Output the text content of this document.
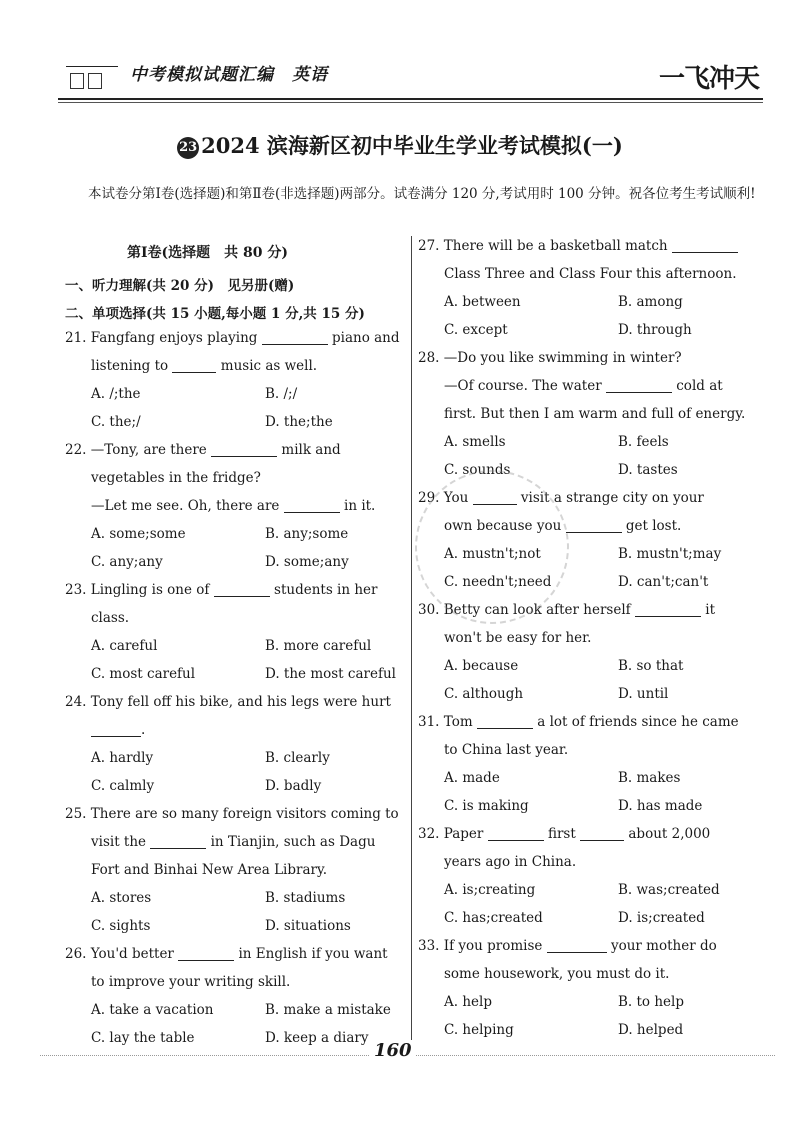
中考模拟试题汇编　英语	一飞冲天
23 2024 滨海新区初中毕业生学业考试模拟(一)

本试卷分第Ⅰ卷(选择题)和第Ⅱ卷(非选择题)两部分。试卷满分 120 分,考试用时 100 分钟。祝各位考生考试顺利!

第Ⅰ卷(选择题　共 80 分)
一、听力理解(共 20 分)　见另册(赠)
二、单项选择(共 15 小题,每小题 1 分,共 15 分)
21. Fangfang enjoys playing	piano and
listening to	music as well.
A. /;the	B. /;/
C. the;/	D. the;the
22. —Tony, are there	milk and
vegetables in the fridge?
—Let me see. Oh, there are	in it.
A. some;some	B. any;some
C. any;any	D. some;any
23. Lingling is one of	students in her
class.
A. careful	B. more careful
C. most careful	D. the most careful
24. Tony fell off his bike, and his legs were hurt
.
A. hardly	B. clearly
C. calmly	D. badly
25. There are so many foreign visitors coming to
visit the	in Tianjin, such as Dagu
Fort and Binhai New Area Library.
A. stores	B. stadiums
C. sights	D. situations
26. You'd better	in English if you want
to improve your writing skill.
A. take a vacation	B. make a mistake
C. lay the table	D. keep a diary
27. There will be a basketball match
Class Three and Class Four this afternoon.
A. between	B. among
C. except	D. through
28. —Do you like swimming in winter?
—Of course. The water	cold at
first. But then I am warm and full of energy.
A. smells	B. feels
C. sounds	D. tastes
29. You	visit a strange city on your
own because you	get lost.
A. mustn't;not	B. mustn't;may
C. needn't;need	D. can't;can't
30. Betty can look after herself	it
won't be easy for her.
A. because	B. so that
C. although	D. until
31. Tom	a lot of friends since he came
to China last year.
A. made	B. makes
C. is making	D. has made
32. Paper	first	about 2,000
years ago in China.
A. is;creating	B. was;created
C. has;created	D. is;created
33. If you promise	your mother do
some housework, you must do it.
A. help	B. to help
C. helping	D. helped
160
